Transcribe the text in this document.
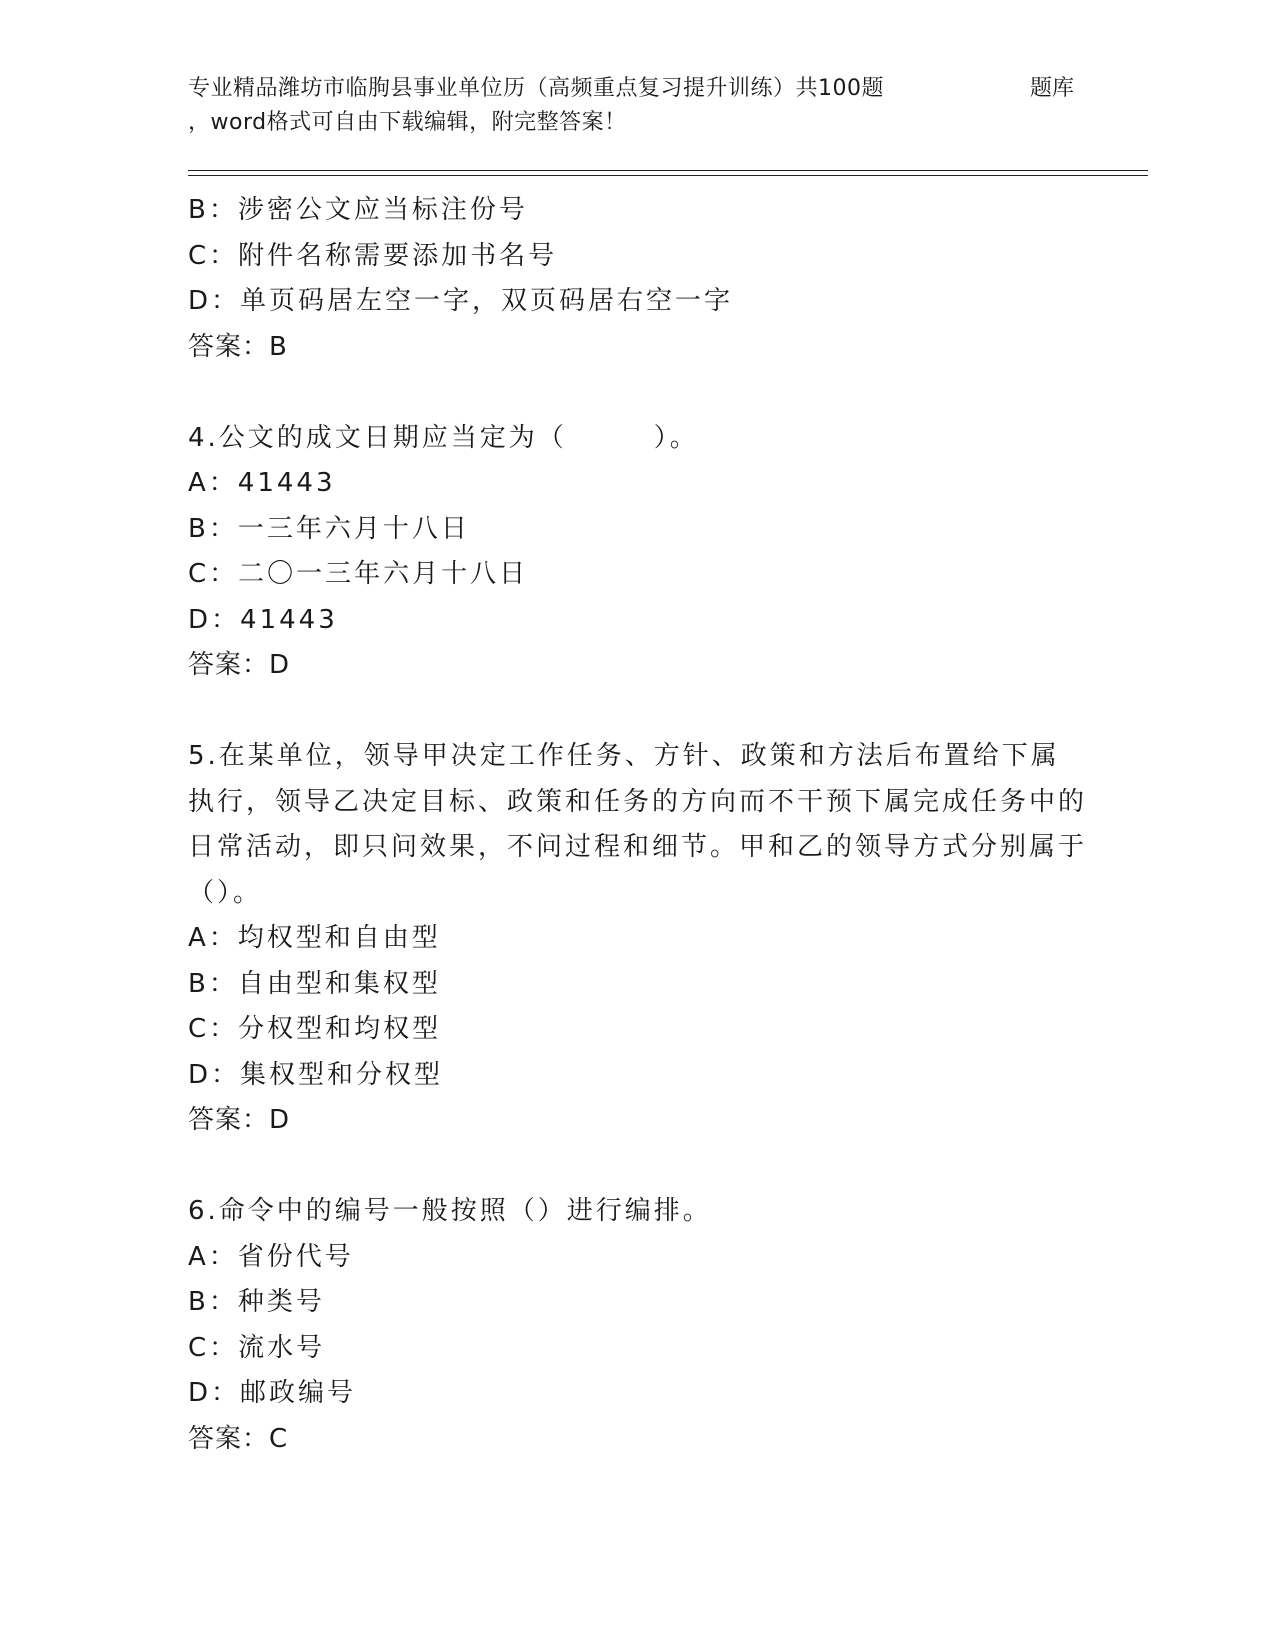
专业精品潍坊市临朐县事业单位历（高频重点复习提升训练）共100题	题库
，word格式可自由下载编辑，附完整答案！
B：涉密公文应当标注份号
C：附件名称需要添加书名号
D：单页码居左空一字，双页码居右空一字
答案：B
4.公文的成文日期应当定为（　　　）。
A：41443
B：一三年六月十八日
C：二〇一三年六月十八日
D：41443
答案：D
5.在某单位，领导甲决定工作任务、方针、政策和方法后布置给下属执行，领导乙决定目标、政策和任务的方向而不干预下属完成任务中的日常活动，即只问效果，不问过程和细节。甲和乙的领导方式分别属于（）。
A：均权型和自由型
B：自由型和集权型
C：分权型和均权型
D：集权型和分权型
答案：D
6.命令中的编号一般按照（）进行编排。
A：省份代号
B：种类号
C：流水号
D：邮政编号
答案：C
